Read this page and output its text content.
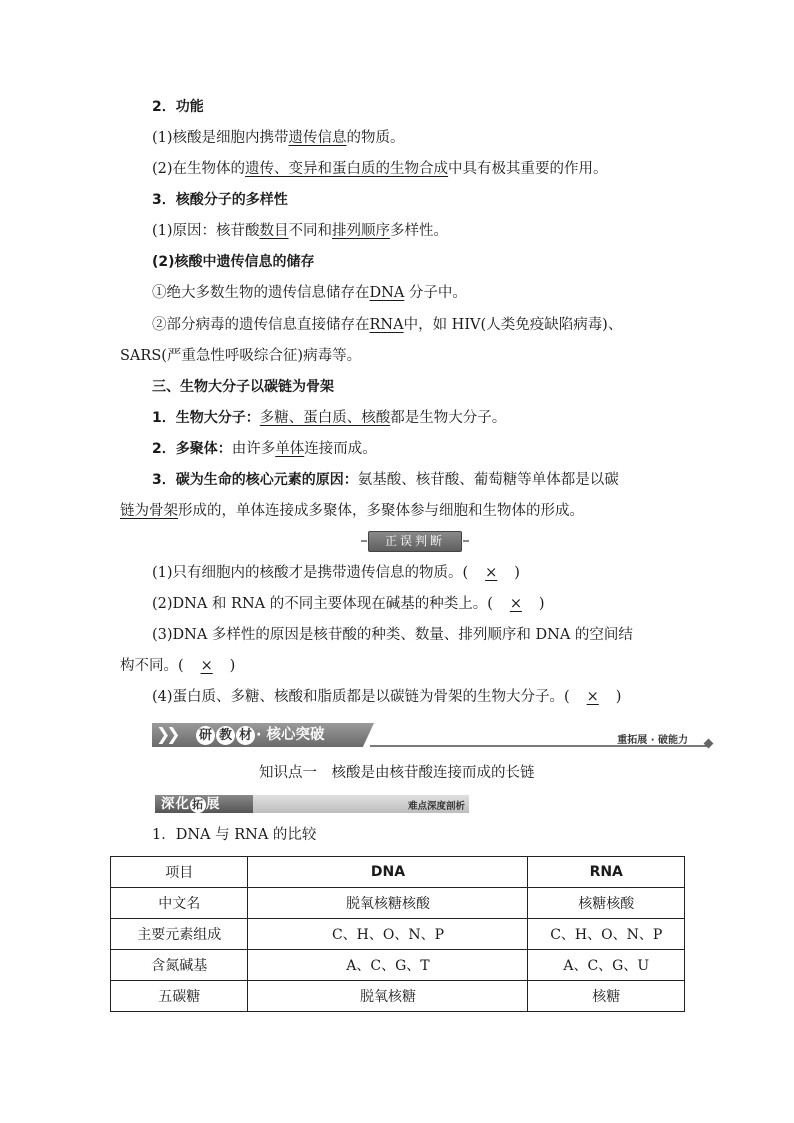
2．功能
(1)核酸是细胞内携带遗传信息的物质。
(2)在生物体的遗传、变异和蛋白质的生物合成中具有极其重要的作用。
3．核酸分子的多样性
(1)原因：核苷酸数目不同和排列顺序多样性。
(2)核酸中遗传信息的储存
①绝大多数生物的遗传信息储存在DNA 分子中。
②部分病毒的遗传信息直接储存在RNA中，如 HIV(人类免疫缺陷病毒)、
SARS(严重急性呼吸综合征)病毒等。
三、生物大分子以碳链为骨架
1．生物大分子：多糖、蛋白质、核酸都是生物大分子。
2．多聚体：由许多单体连接而成。
3．碳为生命的核心元素的原因：氨基酸、核苷酸、葡萄糖等单体都是以碳
链为骨架形成的，单体连接成多聚体，多聚体参与细胞和生物体的形成。
正误判断
(1)只有细胞内的核酸才是携带遗传信息的物质。( × )
(2)DNA 和 RNA 的不同主要体现在碱基的种类上。( × )
(3)DNA 多样性的原因是核苷酸的种类、数量、排列顺序和 DNA 的空间结
构不同。( × )
(4)蛋白质、多糖、核酸和脂质都是以碳链为骨架的生物大分子。( × )
❯❯ 研 教 材 · 核心突破	重拓展 · 破能力
知识点一　核酸是由核苷酸连接而成的长链
深化 拓 展	难点深度剖析
1．DNA 与 RNA 的比较
项目	DNA	RNA
中文名	脱氧核糖核酸	核糖核酸
主要元素组成	C、H、O、N、P	C、H、O、N、P
含氮碱基	A、C、G、T	A、C、G、U
五碳糖	脱氧核糖	核糖
